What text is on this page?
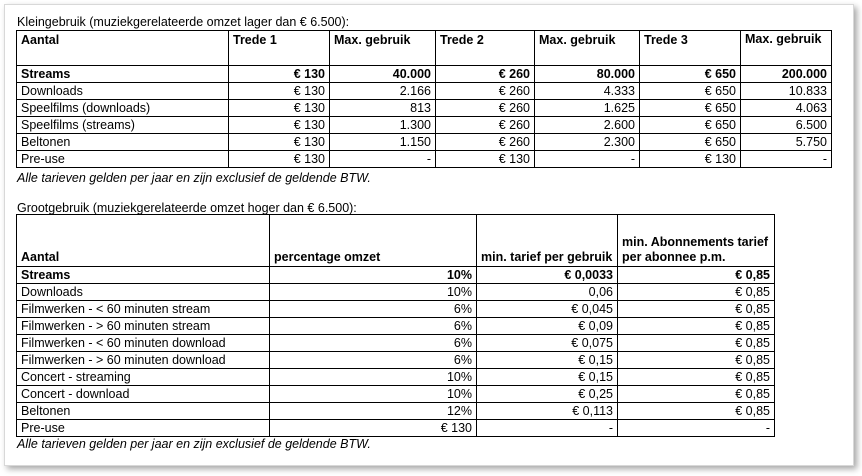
Kleingebruik (muziekgerelateerde omzet lager dan € 6.500):
Aantal	Trede 1	Max. gebruik	Trede 2	Max. gebruik	Trede 3	Max. gebruik
Streams	€ 130	40.000	€ 260	80.000	€ 650	200.000
Downloads	€ 130	2.166	€ 260	4.333	€ 650	10.833
Speelfilms (downloads)	€ 130	813	€ 260	1.625	€ 650	4.063
Speelfilms (streams)	€ 130	1.300	€ 260	2.600	€ 650	6.500
Beltonen	€ 130	1.150	€ 260	2.300	€ 650	5.750
Pre-use	€ 130	-	€ 130	-	€ 130	-
Alle tarieven gelden per jaar en zijn exclusief de geldende BTW.
Grootgebruik (muziekgerelateerde omzet hoger dan € 6.500):
Aantal	percentage omzet	min. tarief per gebruik	min. Abonnements tarief per abonnee p.m.
Streams	10%	€ 0,0033	€ 0,85
Downloads	10%	0,06	€ 0,85
Filmwerken - < 60 minuten stream	6%	€ 0,045	€ 0,85
Filmwerken - > 60 minuten stream	6%	€ 0,09	€ 0,85
Filmwerken - < 60 minuten download	6%	€ 0,075	€ 0,85
Filmwerken - > 60 minuten download	6%	€ 0,15	€ 0,85
Concert - streaming	10%	€ 0,15	€ 0,85
Concert - download	10%	€ 0,25	€ 0,85
Beltonen	12%	€ 0,113	€ 0,85
Pre-use	€ 130	-	-
Alle tarieven gelden per jaar en zijn exclusief de geldende BTW.
